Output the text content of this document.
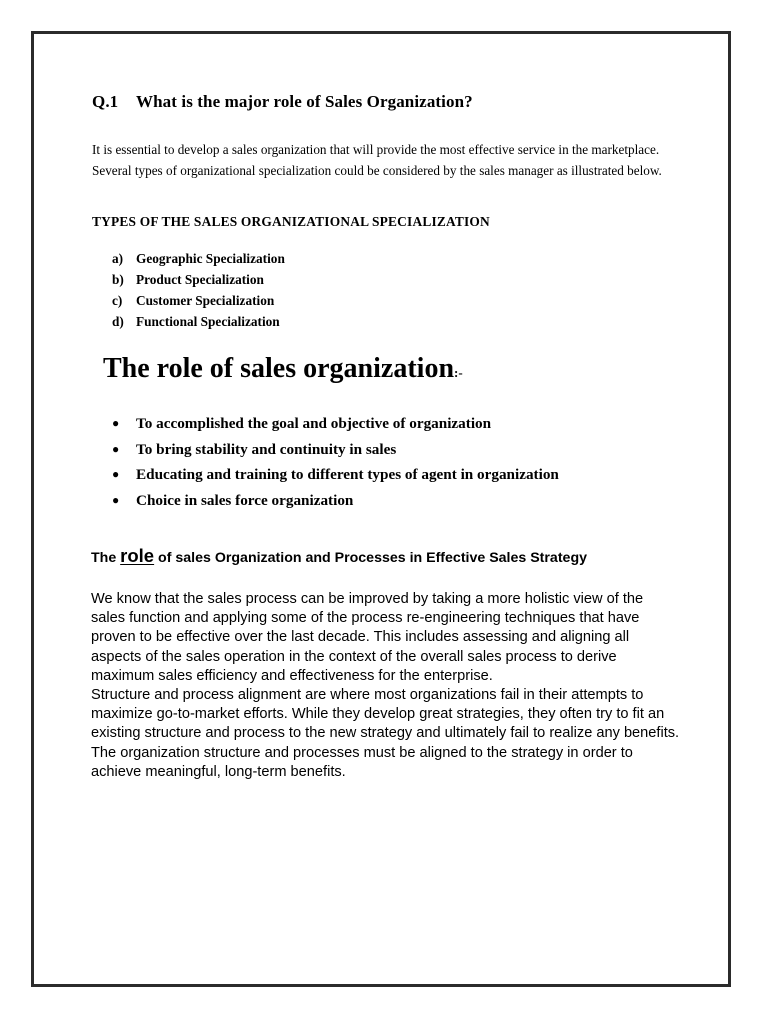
Q.1 What is the major role of Sales Organization?

It is essential to develop a sales organization that will provide the most effective service in the marketplace. Several types of organizational specialization could be considered by the sales manager as illustrated below.

TYPES OF THE SALES ORGANIZATIONAL SPECIALIZATION
a) Geographic Specialization
b) Product Specialization
c) Customer Specialization
d) Functional Specialization
The role of sales organization:-
● To accomplished the goal and objective of organization
● To bring stability and continuity in sales
● Educating and training to different types of agent in organization
● Choice in sales force organization
The role of sales Organization and Processes in Effective Sales Strategy

We know that the sales process can be improved by taking a more holistic view of the sales function and applying some of the process re-engineering techniques that have proven to be effective over the last decade. This includes assessing and aligning all aspects of the sales operation in the context of the overall sales process to derive maximum sales efficiency and effectiveness for the enterprise.

Structure and process alignment are where most organizations fail in their attempts to maximize go-to-market efforts. While they develop great strategies, they often try to fit an existing structure and process to the new strategy and ultimately fail to realize any benefits. The organization structure and processes must be aligned to the strategy in order to achieve meaningful, long-term benefits.
